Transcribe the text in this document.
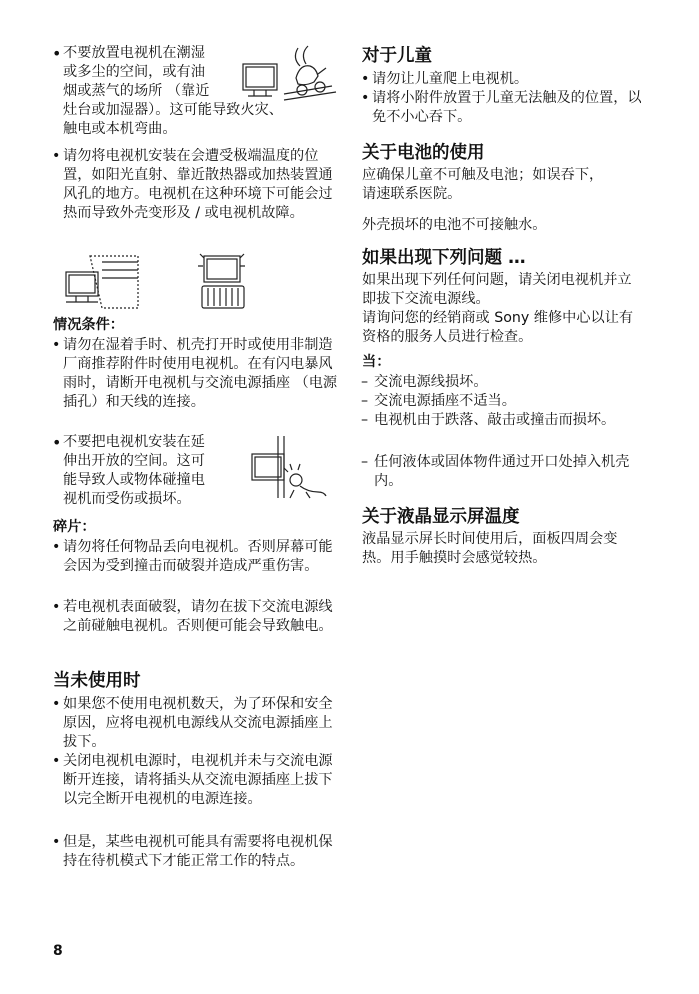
• 不要放置电视机在潮湿

或多尘的空间，或有油

烟或蒸气的场所 （靠近

灶台或加湿器）。这可能导致火灾、

触电或本机弯曲。

• 请勿将电视机安装在会遭受极端温度的位置，如阳光直射、靠近散热器或加热装置通风孔的地方。电视机在这种环境下可能会过热而导致外壳变形及 / 或电视机故障。

情况条件：

• 请勿在湿着手时、机壳打开时或使用非制造厂商推荐附件时使用电视机。在有闪电暴风雨时，请断开电视机与交流电源插座 （电源插孔）和天线的连接。

• 不要把电视机安装在延

伸出开放的空间。这可

能导致人或物体碰撞电

视机而受伤或损坏。

碎片：

• 请勿将任何物品丢向电视机。否则屏幕可能会因为受到撞击而破裂并造成严重伤害。

• 若电视机表面破裂，请勿在拔下交流电源线之前碰触电视机。否则便可能会导致触电。

当未使用时

• 如果您不使用电视机数天，为了环保和安全原因，应将电视机电源线从交流电源插座上拔下。

• 关闭电视机电源时，电视机并未与交流电源断开连接，请将插头从交流电源插座上拔下以完全断开电视机的电源连接。

• 但是，某些电视机可能具有需要将电视机保持在待机模式下才能正常工作的特点。

对于儿童

• 请勿让儿童爬上电视机。

• 请将小附件放置于儿童无法触及的位置，以免不小心吞下。

关于电池的使用

应确保儿童不可触及电池；如误吞下，请速联系医院。

外壳损坏的电池不可接触水。

如果出现下列问题 …

如果出现下列任何问题，请关闭电视机并立即拔下交流电源线。

请询问您的经销商或 Sony 维修中心以让有资格的服务人员进行检查。

当：

– 交流电源线损坏。

– 交流电源插座不适当。

– 电视机由于跌落、敲击或撞击而损坏。

– 任何液体或固体物件通过开口处掉入机壳内。

关于液晶显示屏温度

液晶显示屏长时间使用后，面板四周会变热。用手触摸时会感觉较热。

8
